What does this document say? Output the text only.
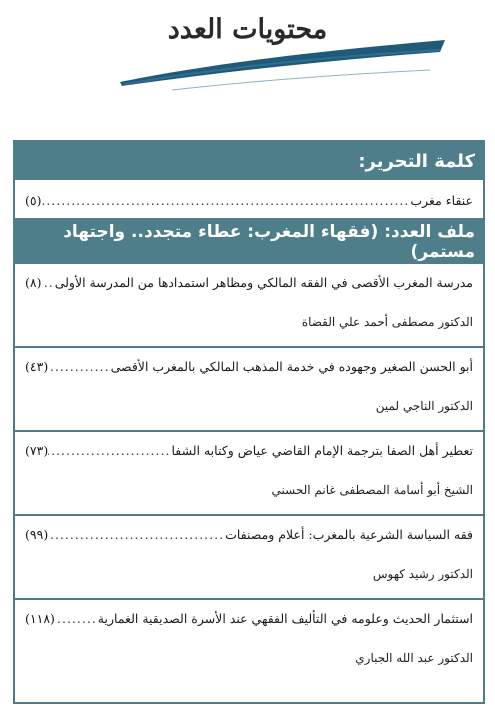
محتويات العدد
كلمة التحرير:
عنقاء مغرب
.....
(٥)
ملف العدد: (فقهاء المغرب: عطاء متجدد.. واجتهاد مستمر)
مدرسة المغرب الأقصى في الفقه المالكي ومظاهر استمدادها من المدرسة الأولى
.....
(٨)
الدكتور مصطفى أحمد علي القضاة
أبو الحسن الصغير وجهوده في خدمة المذهب المالكي بالمغرب الأقصى
.....
(٤٣)
الدكتور الناجي لمين
تعطير أهل الصفا بترجمة الإمام القاضي عياض وكتابه الشفا
.....
(٧٣)
الشيخ أبو أسامة المصطفى غانم الحسني
فقه السياسة الشرعية بالمغرب: أعلام ومصنفات
.....
(٩٩)
الدكتور رشيد كهوس
استثمار الحديث وعلومه في التأليف الفقهي عند الأسرة الصديقية الغمارية
.....
(١١٨)
الدكتور عبد الله الجباري
